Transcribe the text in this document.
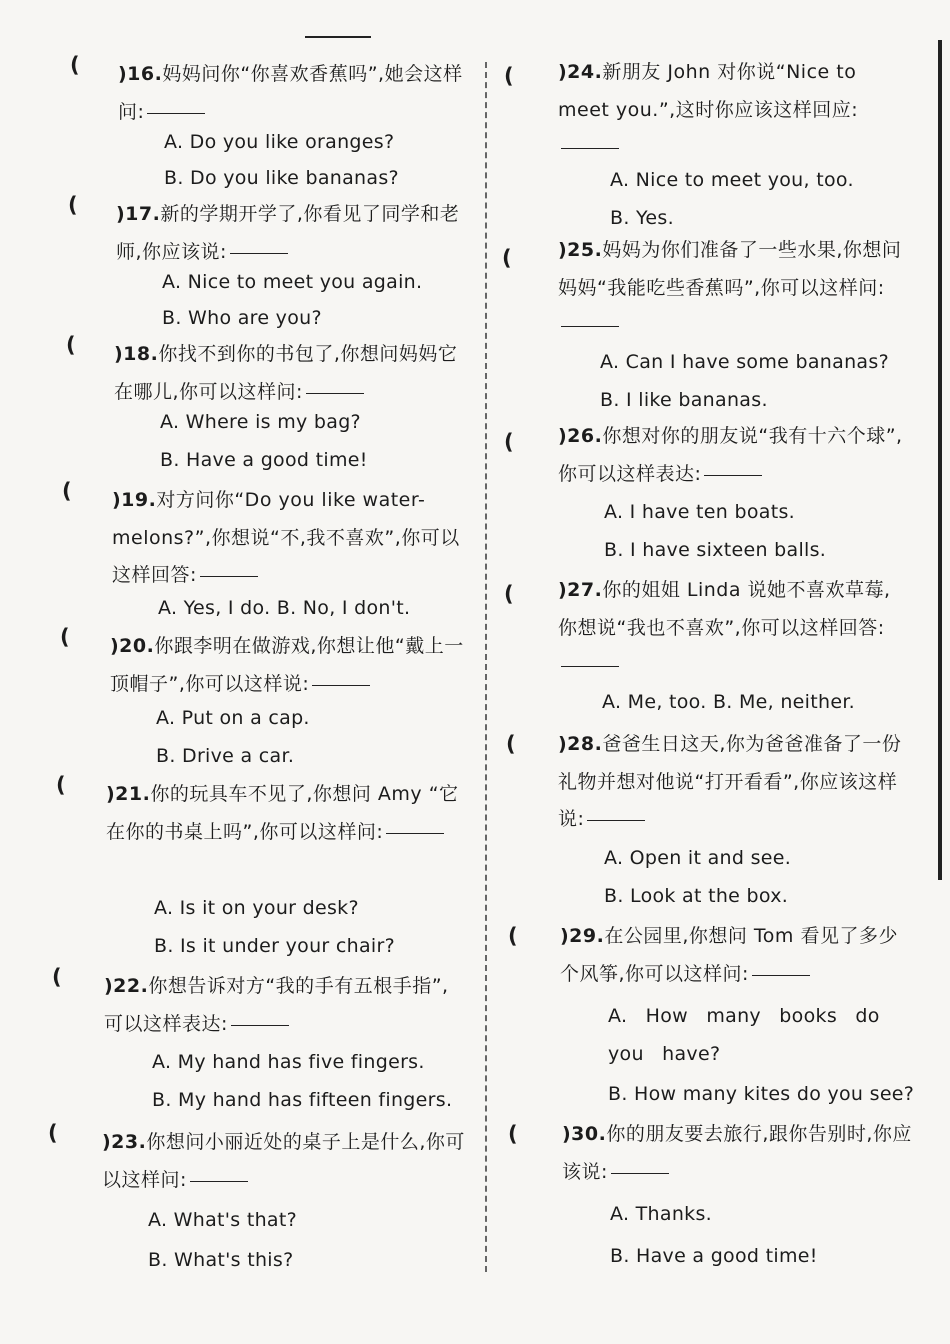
( )16.妈妈问你“你喜欢香蕉吗”,她会这样问:
A. Do you like oranges?
B. Do you like bananas?
( )17.新的学期开学了,你看见了同学和老师,你应该说:
A. Nice to meet you again.
B. Who are you?
( )18.你找不到你的书包了,你想问妈妈它在哪儿,你可以这样问:
A. Where is my bag?
B. Have a good time!
( )19.对方问你“Do you like water-melons?”,你想说“不,我不喜欢”,你可以这样回答:
A. Yes, I do. B. No, I don't.
( )20.你跟李明在做游戏,你想让他“戴上一顶帽子”,你可以这样说:
A. Put on a cap.
B. Drive a car.
( )21.你的玩具车不见了,你想问 Amy “它在你的书桌上吗”,你可以这样问:
A. Is it on your desk?
B. Is it under your chair?
( )22.你想告诉对方“我的手有五根手指”,可以这样表达:
A. My hand has five fingers.
B. My hand has fifteen fingers.
( )23.你想问小丽近处的桌子上是什么,你可以这样问:
A. What's that?
B. What's this?
( )24.新朋友 John 对你说“Nice to meet you.”,这时你应该这样回应:
A. Nice to meet you, too.
B. Yes.
( )25.妈妈为你们准备了一些水果,你想问妈妈“我能吃些香蕉吗”,你可以这样问:
A. Can I have some bananas?
B. I like bananas.
( )26.你想对你的朋友说“我有十六个球”,你可以这样表达:
A. I have ten boats.
B. I have sixteen balls.
( )27.你的姐姐 Linda 说她不喜欢草莓,你想说“我也不喜欢”,你可以这样回答:
A. Me, too. B. Me, neither.
( )28.爸爸生日这天,你为爸爸准备了一份礼物并想对他说“打开看看”,你应该这样说:
A. Open it and see.
B. Look at the box.
( )29.在公园里,你想问 Tom 看见了多少个风筝,你可以这样问:
A. How many books do you have?
B. How many kites do you see?
( )30.你的朋友要去旅行,跟你告别时,你应该说:
A. Thanks.
B. Have a good time!
